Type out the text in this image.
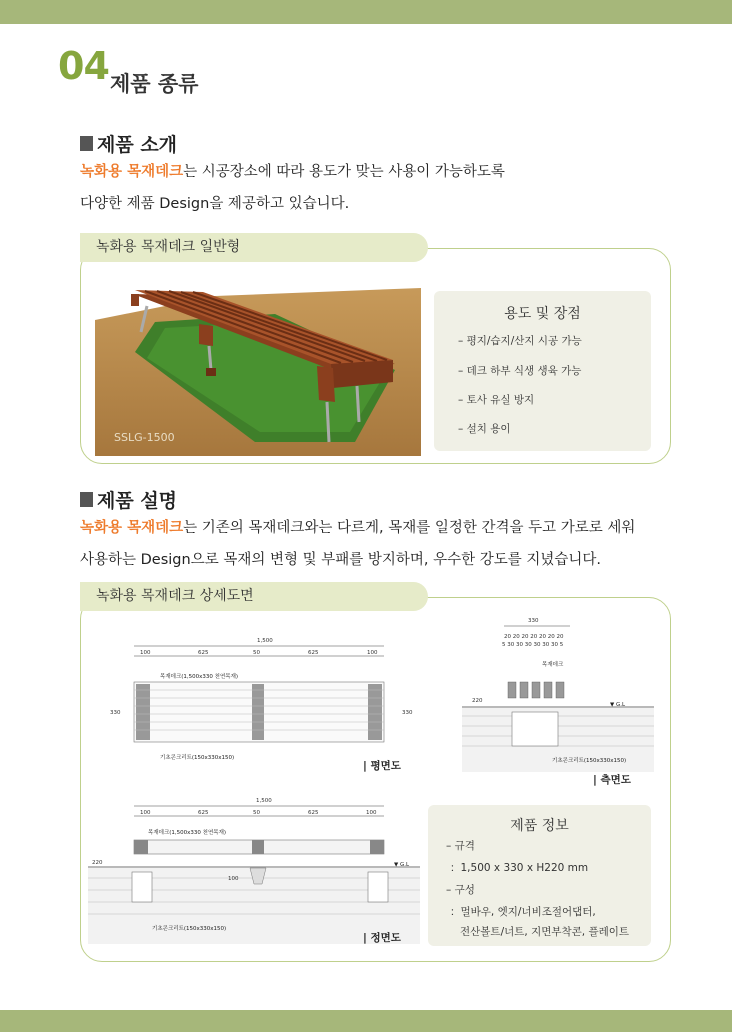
04 제품 종류
제품 소개
녹화용 목재데크는 시공장소에 따라 용도가 맞는 사용이 가능하도록
다양한 제품 Design을 제공하고 있습니다.
녹화용 목재데크 일반형
SSLG-1500
용도 및 장점
– 평지/습지/산지 시공 가능
– 데크 하부 식생 생육 가능
– 토사 유실 방지
– 설치 용이
제품 설명
녹화용 목재데크는 기존의 목재데크와는 다르게, 목재를 일정한 간격을 두고 가로로 세워
사용하는 Design으로 목재의 변형 및 부패를 방지하며, 우수한 강도를 지녔습니다.
녹화용 목재데크 상세도면
1,500
100	625	50	625	100
목재데크(1,500x330 천연목재)
기초콘크리트(150x330x150)
330	330
| 평면도
330
20 20 20 20 20 20 20
5 30 30 30 30 30 30 5
목재데크
▼ G.L
220
기초콘크리트(150x330x150)
| 측면도
1,500
100	625	50	625	100
목재데크(1,500x330 천연목재)
▼ G.L
220
100
기초콘크리트(150x330x150)
| 정면도
제품 정보
– 규격
：1,500 x 330 x H220 mm
– 구성
：멀바우, 엣지/너비조절어댑터,
전산볼트/너트, 지면부착콘, 플레이트
